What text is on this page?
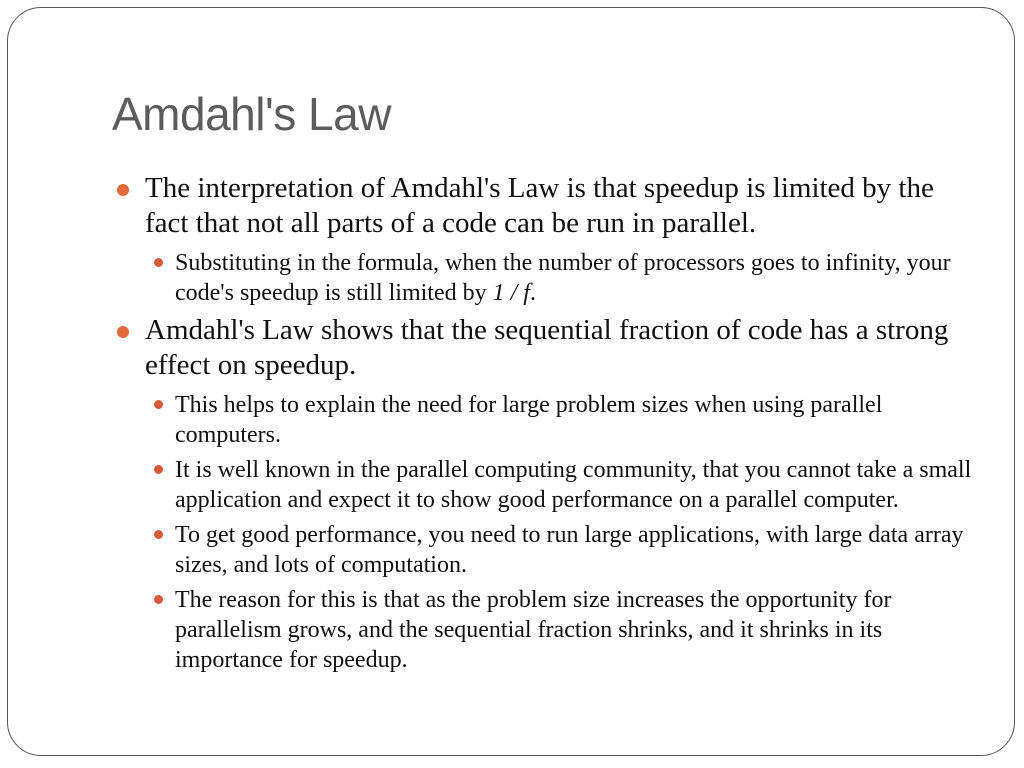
Amdahl's Law
The interpretation of Amdahl's Law is that speedup is limited by the fact that not all parts of a code can be run in parallel.
Substituting in the formula, when the number of processors goes to infinity, your code's speedup is still limited by 1 / f.
Amdahl's Law shows that the sequential fraction of code has a strong effect on speedup.
This helps to explain the need for large problem sizes when using parallel computers.
It is well known in the parallel computing community, that you cannot take a small application and expect it to show good performance on a parallel computer.
To get good performance, you need to run large applications, with large data array sizes, and lots of computation.
The reason for this is that as the problem size increases the opportunity for parallelism grows, and the sequential fraction shrinks, and it shrinks in its importance for speedup.
